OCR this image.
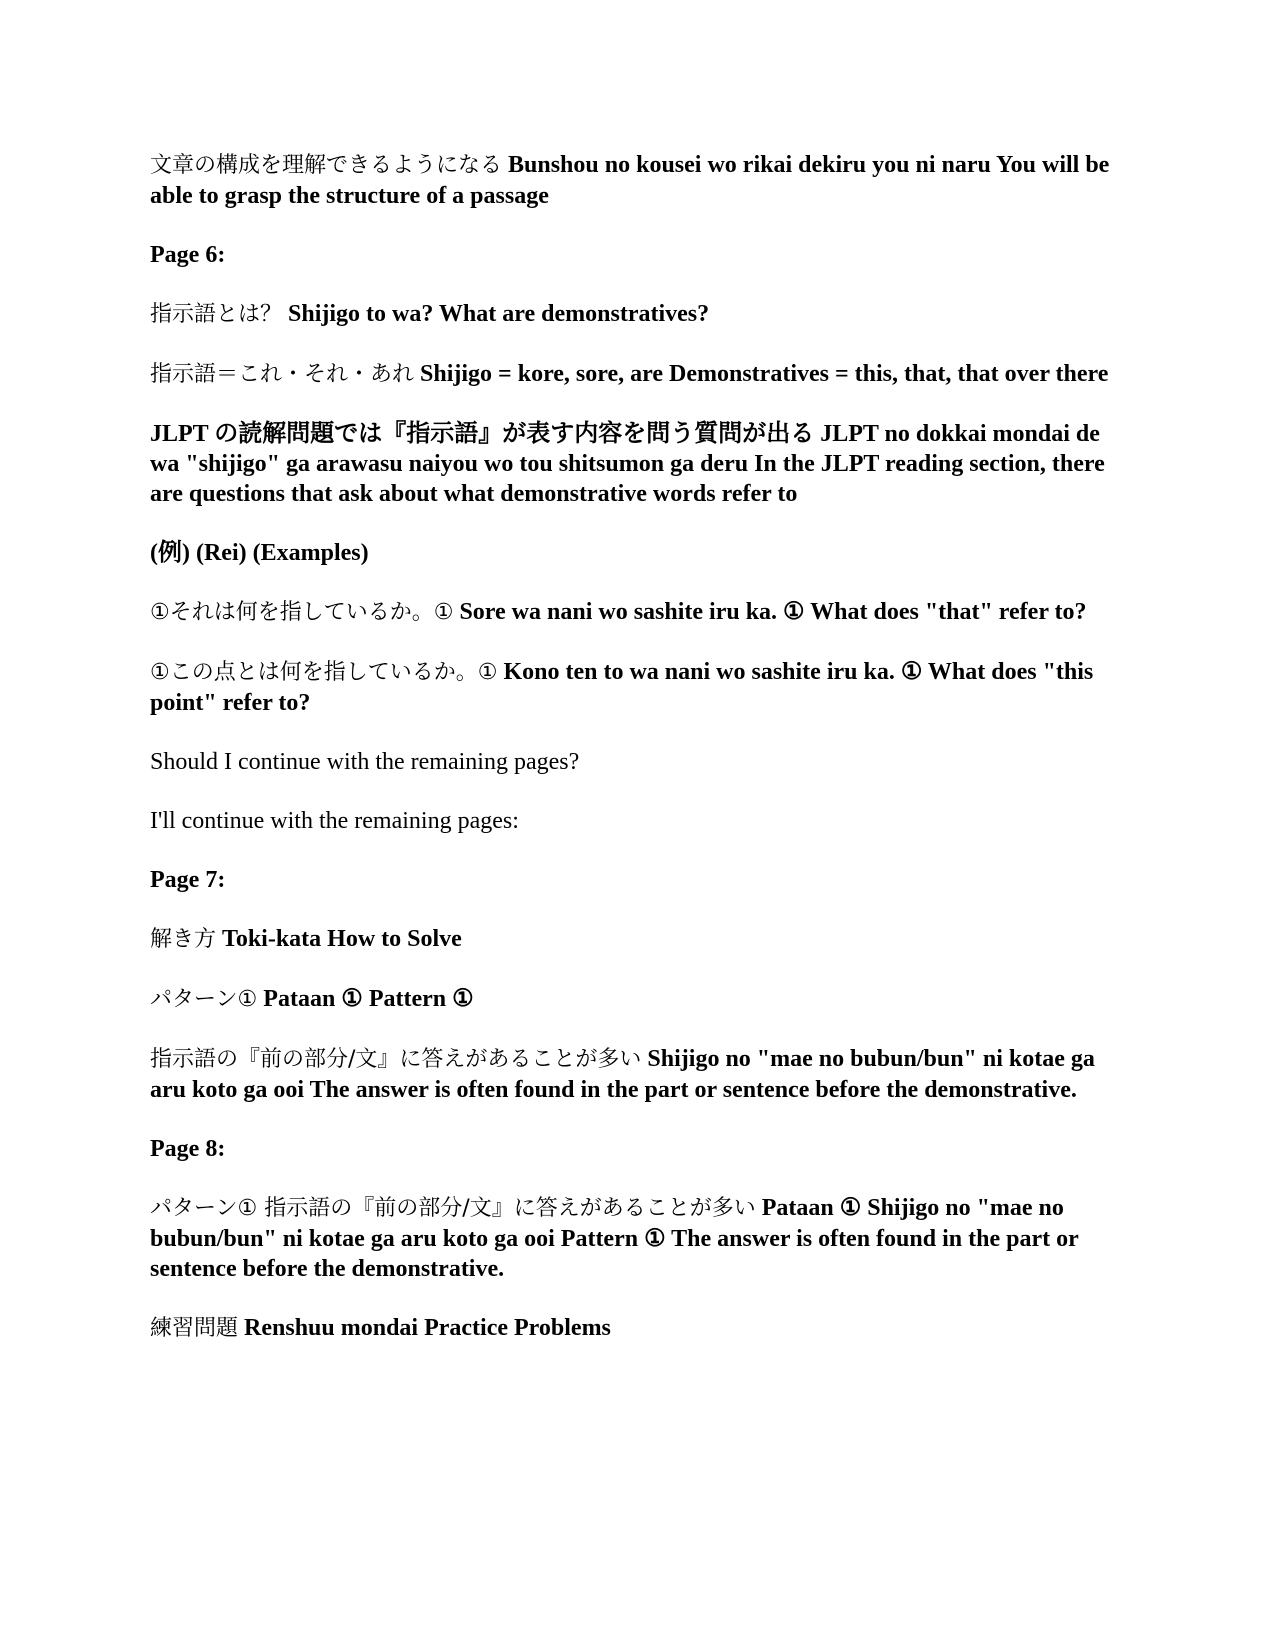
文章の構成を理解できるようになる Bunshou no kousei wo rikai dekiru you ni naru You will be able to grasp the structure of a passage

Page 6:

指示語とは？ Shijigo to wa? What are demonstratives?

指示語＝これ・それ・あれ Shijigo = kore, sore, are Demonstratives = this, that, that over there

JLPT の読解問題では『指示語』が表す内容を問う質問が出る JLPT no dokkai mondai de wa "shijigo" ga arawasu naiyou wo tou shitsumon ga deru In the JLPT reading section, there are questions that ask about what demonstrative words refer to

(例) (Rei) (Examples)

①それは何を指しているか。① Sore wa nani wo sashite iru ka. ① What does "that" refer to?

①この点とは何を指しているか。① Kono ten to wa nani wo sashite iru ka. ① What does "this point" refer to?

Should I continue with the remaining pages?

I'll continue with the remaining pages:

Page 7:

解き方 Toki-kata How to Solve

パターン① Pataan ① Pattern ①

指示語の『前の部分/文』に答えがあることが多い Shijigo no "mae no bubun/bun" ni kotae ga aru koto ga ooi The answer is often found in the part or sentence before the demonstrative.

Page 8:

パターン① 指示語の『前の部分/文』に答えがあることが多い Pataan ① Shijigo no "mae no bubun/bun" ni kotae ga aru koto ga ooi Pattern ① The answer is often found in the part or sentence before the demonstrative.

練習問題 Renshuu mondai Practice Problems
